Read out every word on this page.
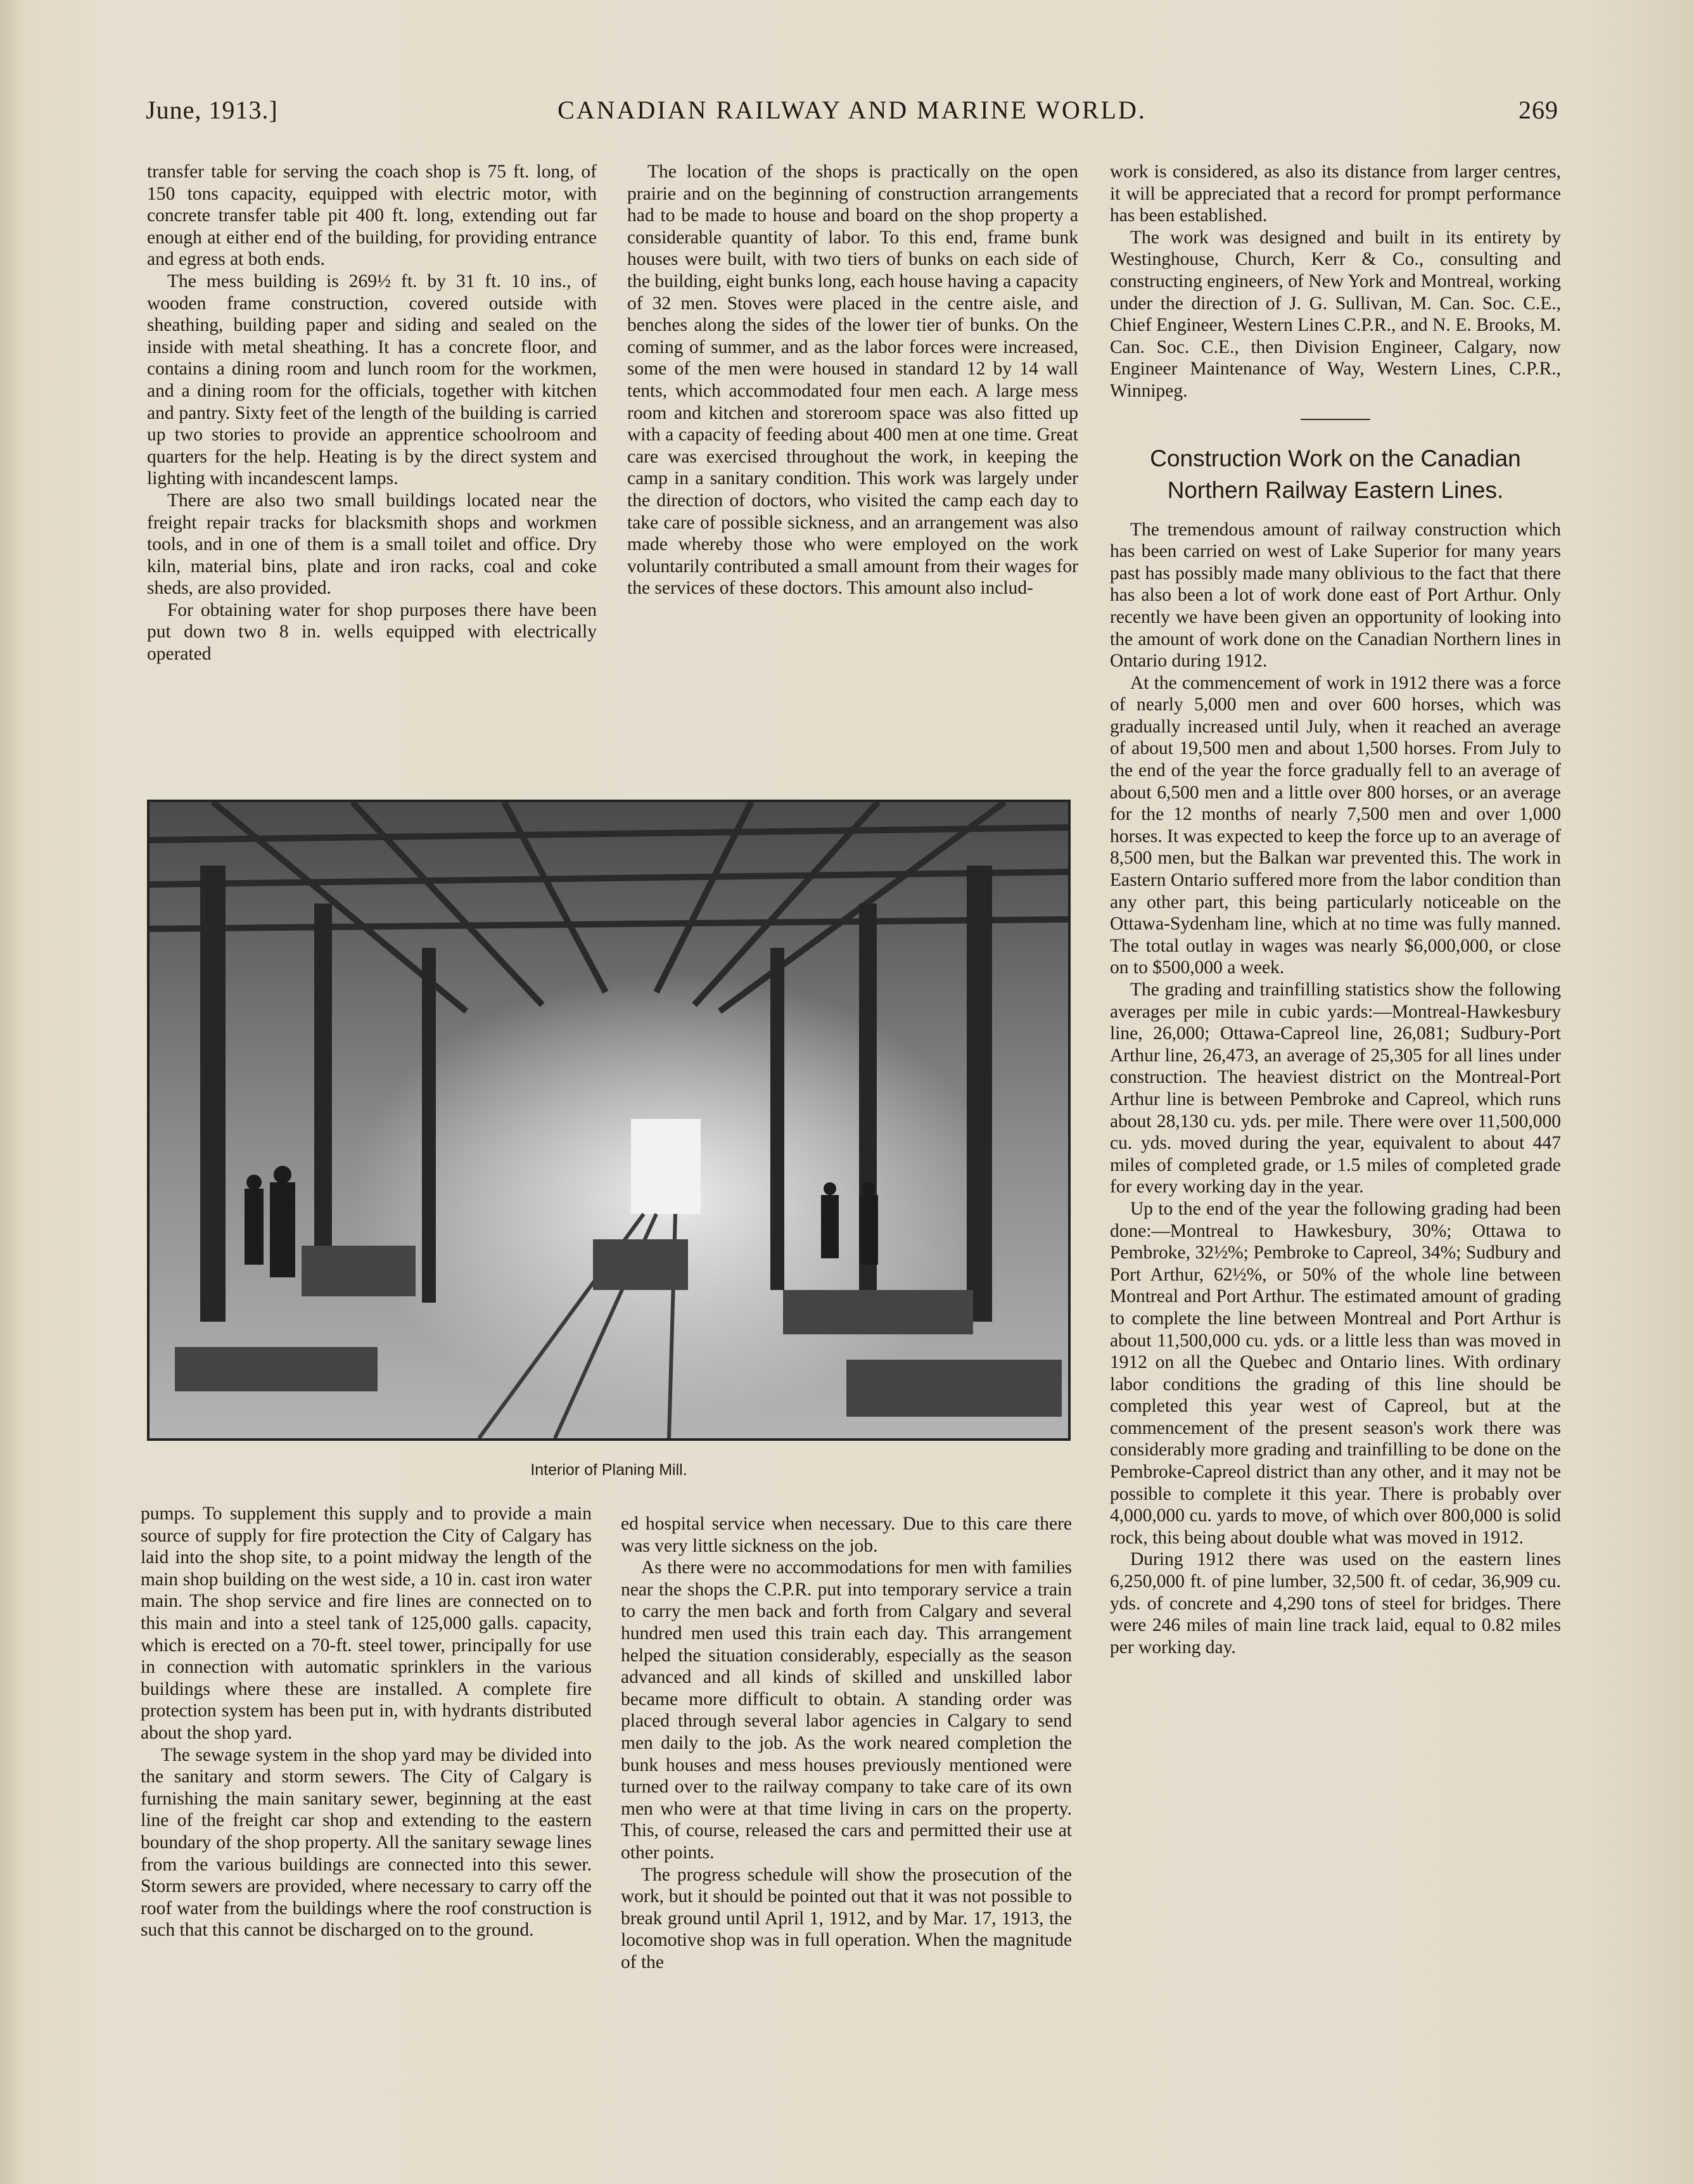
June, 1913.]	CANADIAN RAILWAY AND MARINE WORLD.	269

transfer table for serving the coach shop is 75 ft. long, of 150 tons capacity, equipped with electric motor, with concrete transfer table pit 400 ft. long, extending out far enough at either end of the building, for providing entrance and egress at both ends.

The mess building is 269½ ft. by 31 ft. 10 ins., of wooden frame construction, covered outside with sheathing, building paper and siding and sealed on the inside with metal sheathing. It has a concrete floor, and contains a dining room and lunch room for the workmen, and a dining room for the officials, together with kitchen and pantry. Sixty feet of the length of the building is carried up two stories to provide an apprentice schoolroom and quarters for the help. Heating is by the direct system and lighting with incandescent lamps.

There are also two small buildings located near the freight repair tracks for blacksmith shops and workmen tools, and in one of them is a small toilet and office. Dry kiln, material bins, plate and iron racks, coal and coke sheds, are also provided.

For obtaining water for shop purposes there have been put down two 8 in. wells equipped with electrically operated

The location of the shops is practically on the open prairie and on the beginning of construction arrangements had to be made to house and board on the shop property a considerable quantity of labor. To this end, frame bunk houses were built, with two tiers of bunks on each side of the building, eight bunks long, each house having a capacity of 32 men. Stoves were placed in the centre aisle, and benches along the sides of the lower tier of bunks. On the coming of summer, and as the labor forces were increased, some of the men were housed in standard 12 by 14 wall tents, which accommodated four men each. A large mess room and kitchen and storeroom space was also fitted up with a capacity of feeding about 400 men at one time. Great care was exercised throughout the work, in keeping the camp in a sanitary condition. This work was largely under the direction of doctors, who visited the camp each day to take care of possible sickness, and an arrangement was also made whereby those who were employed on the work voluntarily contributed a small amount from their wages for the services of these doctors. This amount also includ-

work is considered, as also its distance from larger centres, it will be appreciated that a record for prompt performance has been established.

The work was designed and built in its entirety by Westinghouse, Church, Kerr & Co., consulting and constructing engineers, of New York and Montreal, working under the direction of J. G. Sullivan, M. Can. Soc. C.E., Chief Engineer, Western Lines C.P.R., and N. E. Brooks, M. Can. Soc. C.E., then Division Engineer, Calgary, now Engineer Maintenance of Way, Western Lines, C.P.R., Winnipeg.

Construction Work on the Canadian
Northern Railway Eastern Lines.

The tremendous amount of railway construction which has been carried on west of Lake Superior for many years past has possibly made many oblivious to the fact that there has also been a lot of work done east of Port Arthur. Only recently we have been given an opportunity of looking into the amount of work done on the Canadian Northern lines in Ontario during 1912.

At the commencement of work in 1912 there was a force of nearly 5,000 men and over 600 horses, which was gradually increased until July, when it reached an average of about 19,500 men and about 1,500 horses. From July to the end of the year the force gradually fell to an average of about 6,500 men and a little over 800 horses, or an average for the 12 months of nearly 7,500 men and over 1,000 horses. It was expected to keep the force up to an average of 8,500 men, but the Balkan war prevented this. The work in Eastern Ontario suffered more from the labor condition than any other part, this being particularly noticeable on the Ottawa-Sydenham line, which at no time was fully manned. The total outlay in wages was nearly $6,000,000, or close on to $500,000 a week.

The grading and trainfilling statistics show the following averages per mile in cubic yards:—Montreal-Hawkesbury line, 26,000; Ottawa-Capreol line, 26,081; Sudbury-Port Arthur line, 26,473, an average of 25,305 for all lines under construction. The heaviest district on the Montreal-Port Arthur line is between Pembroke and Capreol, which runs about 28,130 cu. yds. per mile. There were over 11,500,000 cu. yds. moved during the year, equivalent to about 447 miles of completed grade, or 1.5 miles of completed grade for every working day in the year.

Up to the end of the year the following grading had been done:—Montreal to Hawkesbury, 30%; Ottawa to Pembroke, 32½%; Pembroke to Capreol, 34%; Sudbury and Port Arthur, 62½%, or 50% of the whole line between Montreal and Port Arthur. The estimated amount of grading to complete the line between Montreal and Port Arthur is about 11,500,000 cu. yds. or a little less than was moved in 1912 on all the Quebec and Ontario lines. With ordinary labor conditions the grading of this line should be completed this year west of Capreol, but at the commencement of the present season's work there was considerably more grading and trainfilling to be done on the Pembroke-Capreol district than any other, and it may not be possible to complete it this year. There is probably over 4,000,000 cu. yards to move, of which over 800,000 is solid rock, this being about double what was moved in 1912.

During 1912 there was used on the eastern lines 6,250,000 ft. of pine lumber, 32,500 ft. of cedar, 36,909 cu. yds. of concrete and 4,290 tons of steel for bridges. There were 246 miles of main line track laid, equal to 0.82 miles per working day.

Interior of Planing Mill.

pumps. To supplement this supply and to provide a main source of supply for fire protection the City of Calgary has laid into the shop site, to a point midway the length of the main shop building on the west side, a 10 in. cast iron water main. The shop service and fire lines are connected on to this main and into a steel tank of 125,000 galls. capacity, which is erected on a 70-ft. steel tower, principally for use in connection with automatic sprinklers in the various buildings where these are installed. A complete fire protection system has been put in, with hydrants distributed about the shop yard.

The sewage system in the shop yard may be divided into the sanitary and storm sewers. The City of Calgary is furnishing the main sanitary sewer, beginning at the east line of the freight car shop and extending to the eastern boundary of the shop property. All the sanitary sewage lines from the various buildings are connected into this sewer. Storm sewers are provided, where necessary to carry off the roof water from the buildings where the roof construction is such that this cannot be discharged on to the ground.

ed hospital service when necessary. Due to this care there was very little sickness on the job.

As there were no accommodations for men with families near the shops the C.P.R. put into temporary service a train to carry the men back and forth from Calgary and several hundred men used this train each day. This arrangement helped the situation considerably, especially as the season advanced and all kinds of skilled and unskilled labor became more difficult to obtain. A standing order was placed through several labor agencies in Calgary to send men daily to the job. As the work neared completion the bunk houses and mess houses previously mentioned were turned over to the railway company to take care of its own men who were at that time living in cars on the property. This, of course, released the cars and permitted their use at other points.

The progress schedule will show the prosecution of the work, but it should be pointed out that it was not possible to break ground until April 1, 1912, and by Mar. 17, 1913, the locomotive shop was in full operation. When the magnitude of the
